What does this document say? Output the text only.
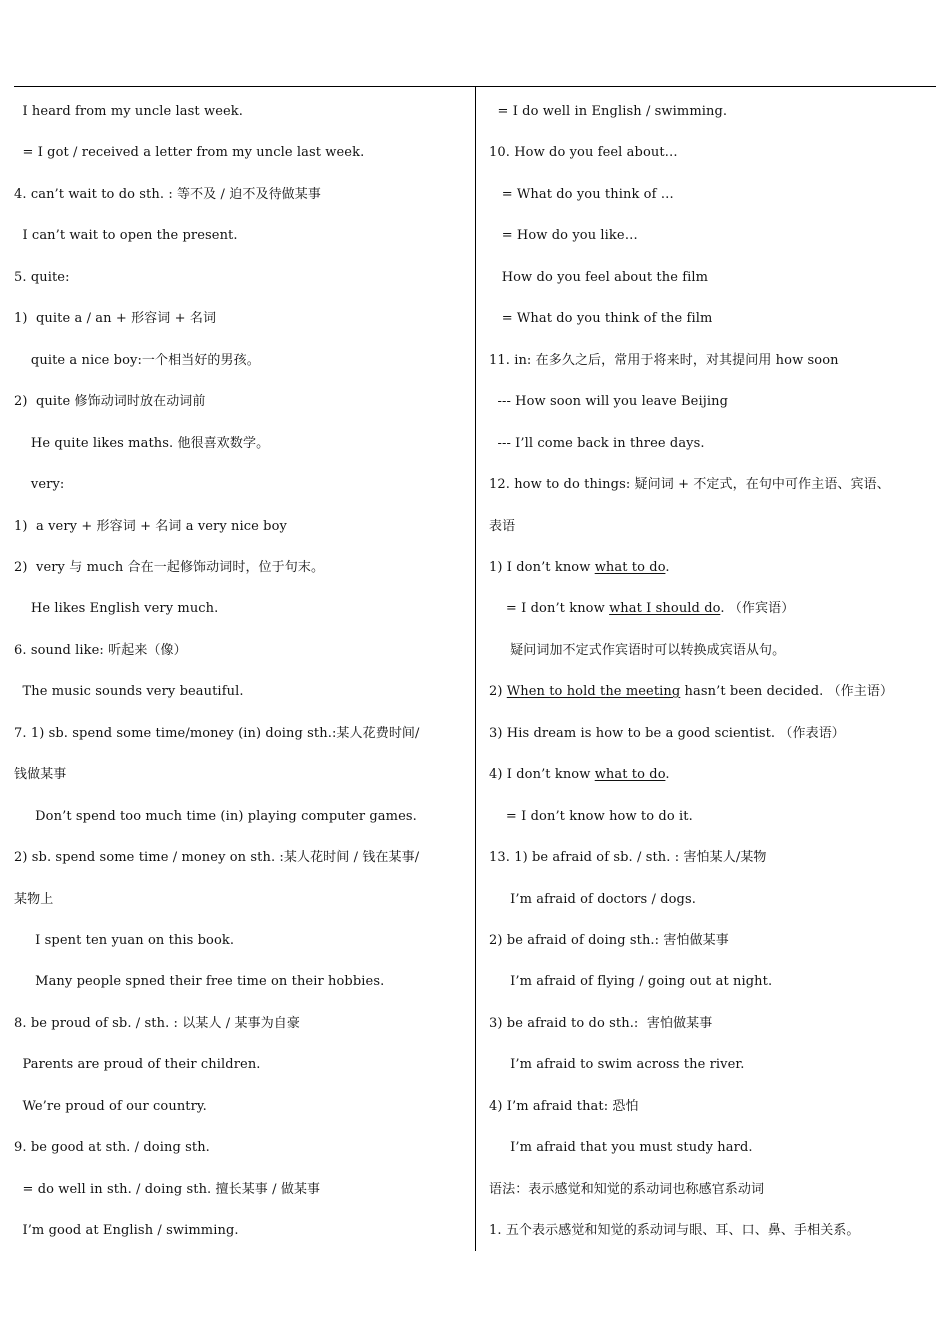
I heard from my uncle last week.
= I got / received a letter from my uncle last week.
4. can’t wait to do sth. : 等不及 / 迫不及待做某事
I can’t wait to open the present.
5. quite:
1)  quite a / an + 形容词 + 名词
quite a nice boy:一个相当好的男孩。
2)  quite 修饰动词时放在动词前
He quite likes maths. 他很喜欢数学。
very:
1)  a very + 形容词 + 名词 a very nice boy
2)  very 与 much 合在一起修饰动词时，位于句末。
He likes English very much.
6. sound like: 听起来（像）
The music sounds very beautiful.
7. 1) sb. spend some time/money (in) doing sth.:某人花费时间/
钱做某事
Don’t spend too much time (in) playing computer games.
2) sb. spend some time / money on sth. :某人花时间 / 钱在某事/
某物上
I spent ten yuan on this book.
Many people spned their free time on their hobbies.
8. be proud of sb. / sth. : 以某人 / 某事为自豪
Parents are proud of their children.
We’re proud of our country.
9. be good at sth. / doing sth.
= do well in sth. / doing sth. 擅长某事 / 做某事
I’m good at English / swimming.
= I do well in English / swimming.
10. How do you feel about…
= What do you think of …
= How do you like…
How do you feel about the film
= What do you think of the film
11. in: 在多久之后，常用于将来时，对其提问用 how soon
--- How soon will you leave Beijing
--- I’ll come back in three days.
12. how to do things: 疑问词 + 不定式，在句中可作主语、宾语、
表语
1) I don’t know what to do.
= I don’t know what I should do. （作宾语）
疑问词加不定式作宾语时可以转换成宾语从句。
2) When to hold the meeting hasn’t been decided. （作主语）
3) His dream is how to be a good scientist. （作表语）
4) I don’t know what to do.
= I don’t know how to do it.
13. 1) be afraid of sb. / sth. : 害怕某人/某物
I’m afraid of doctors / dogs.
2) be afraid of doing sth.: 害怕做某事
I’m afraid of flying / going out at night.
3) be afraid to do sth.:  害怕做某事
I’m afraid to swim across the river.
4) I’m afraid that: 恐怕
I’m afraid that you must study hard.
语法：表示感觉和知觉的系动词也称感官系动词
1. 五个表示感觉和知觉的系动词与眼、耳、口、鼻、手相关系。
